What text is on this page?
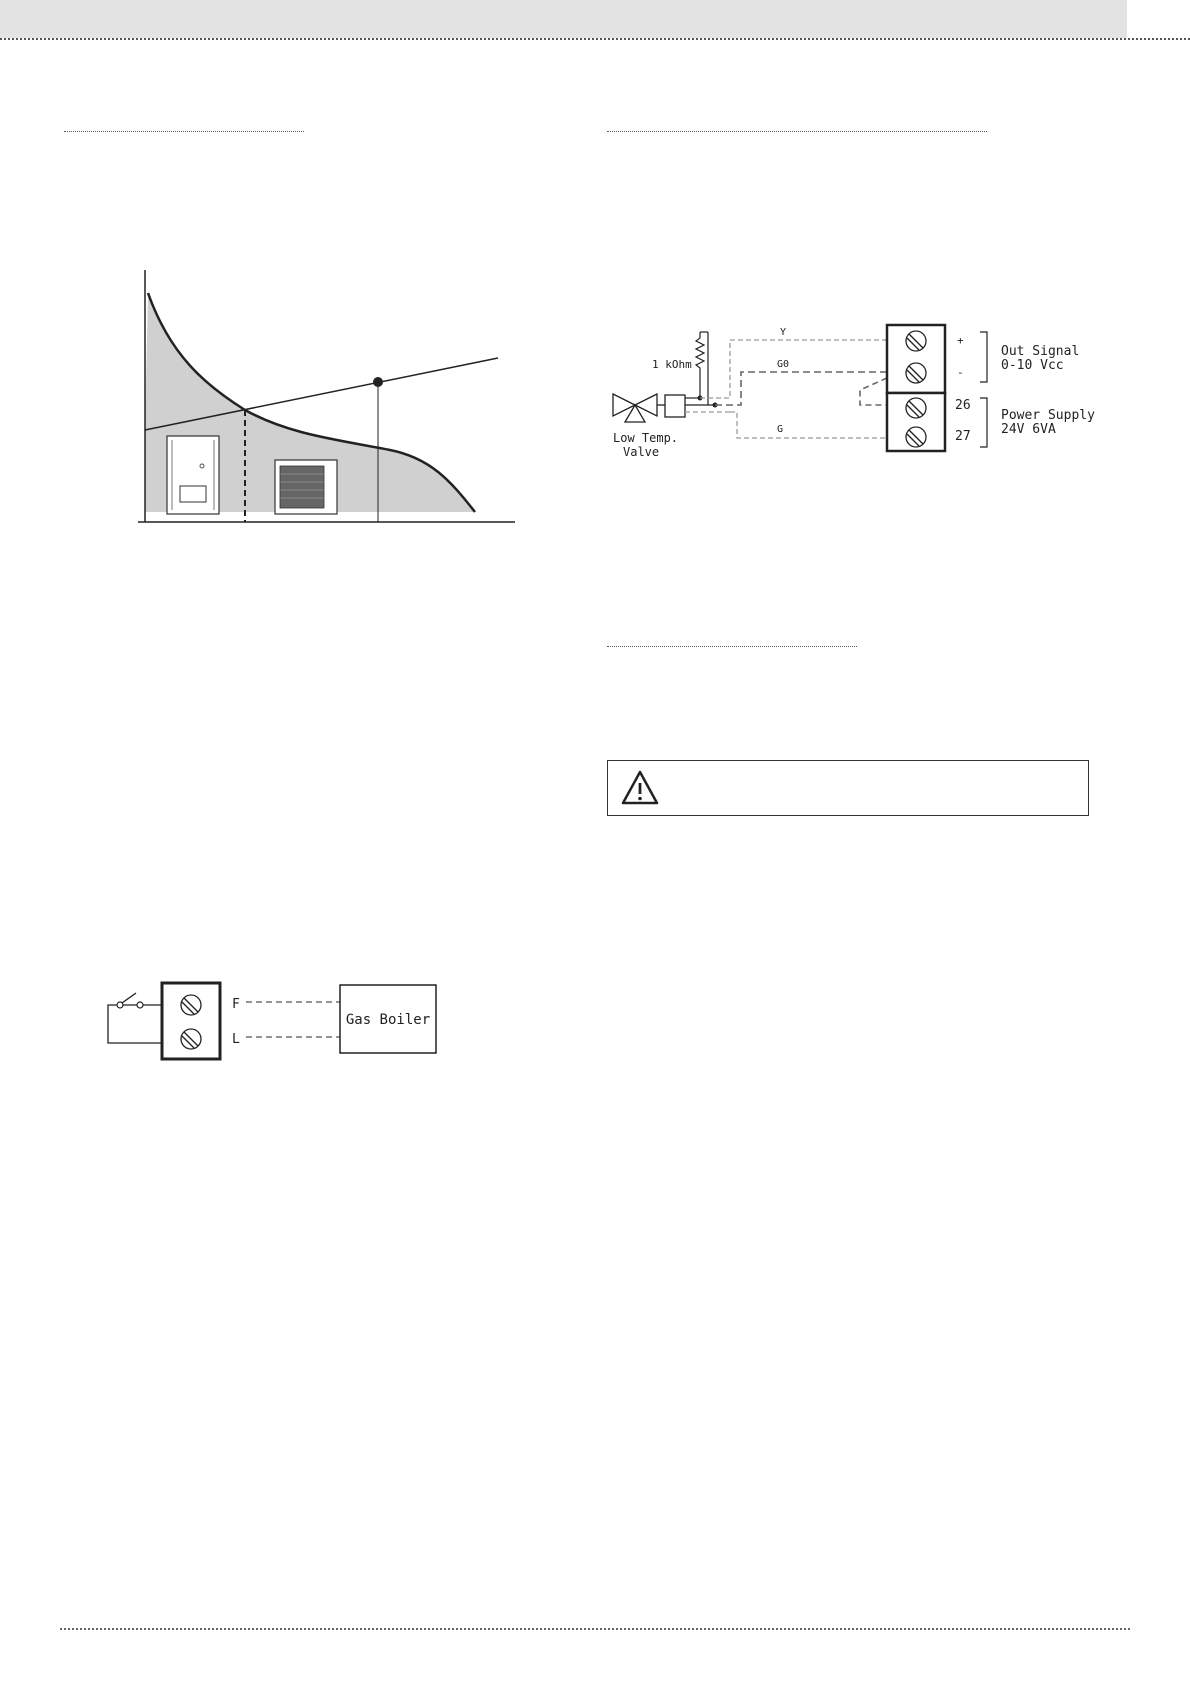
Low Temp.
Valve
1 kOhm
Y
G0
G
+
-
26
27
Out Signal
0-10 Vcc
Power Supply
24V 6VA
F
L
Gas Boiler
